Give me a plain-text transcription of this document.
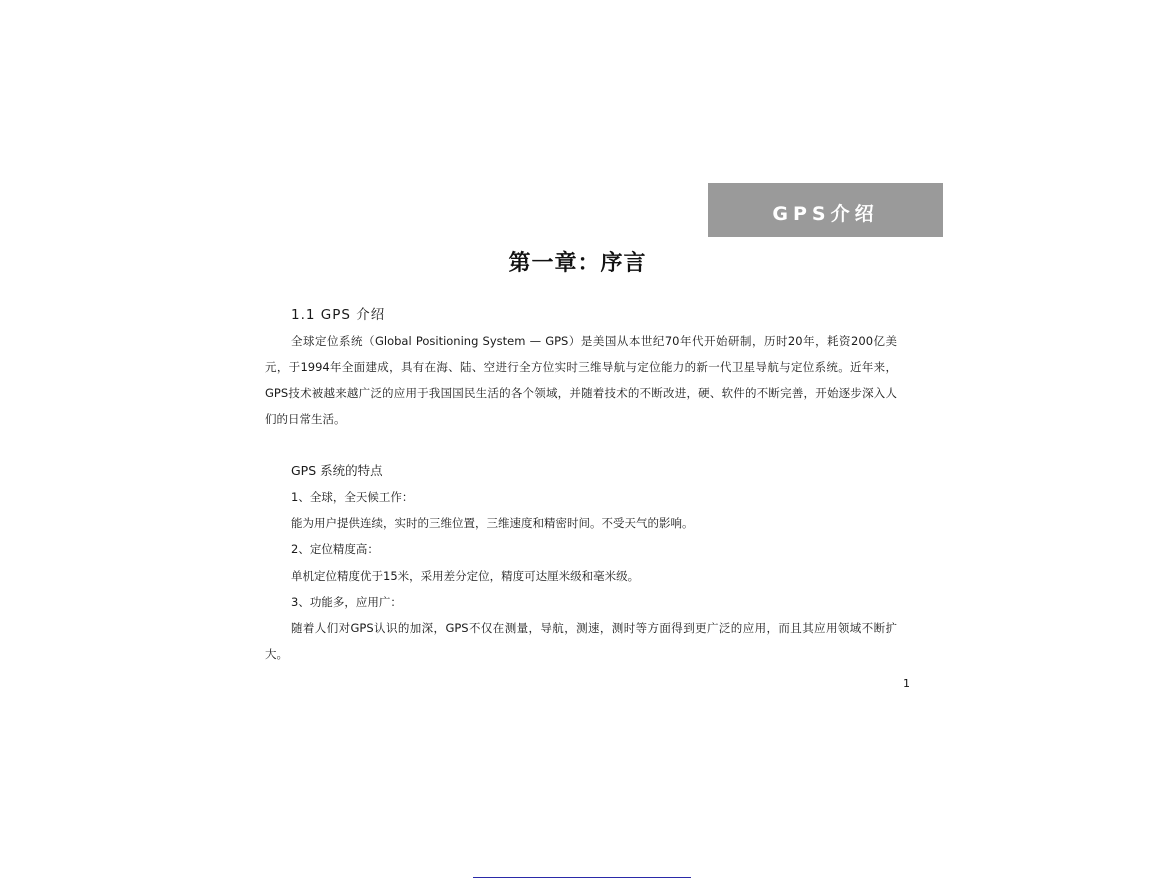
GPS介绍
第一章：序言

1.1 GPS 介绍

全球定位系统（Global Positioning System — GPS）是美国从本世纪70年代开始研制，历时20年，耗资200亿美元，于1994年全面建成，具有在海、陆、空进行全方位实时三维导航与定位能力的新一代卫星导航与定位系统。近年来，GPS技术被越来越广泛的应用于我国国民生活的各个领域，并随着技术的不断改进，硬、软件的不断完善，开始逐步深入人们的日常生活。

GPS 系统的特点

1、全球，全天候工作：

能为用户提供连续，实时的三维位置，三维速度和精密时间。不受天气的影响。

2、定位精度高：

单机定位精度优于15米，采用差分定位，精度可达厘米级和毫米级。

3、功能多，应用广：

随着人们对GPS认识的加深，GPS不仅在测量，导航，测速，测时等方面得到更广泛的应用，而且其应用领域不断扩大。

1
